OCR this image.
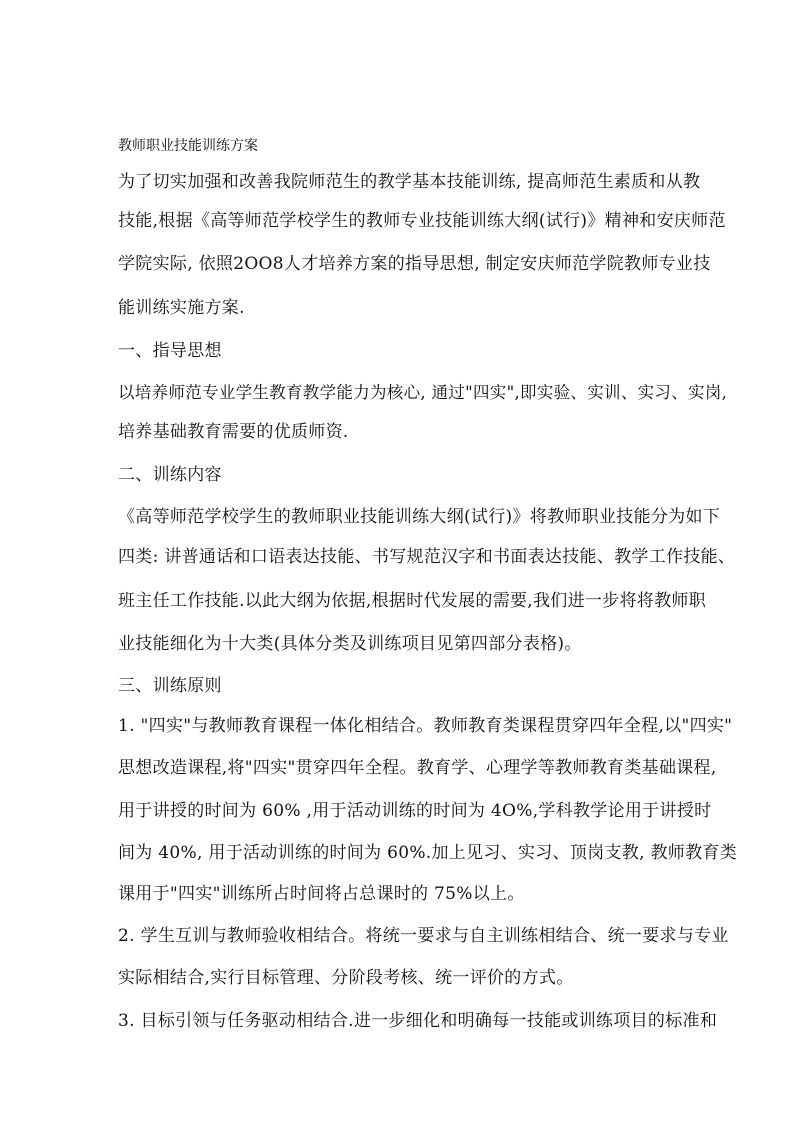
教师职业技能训练方案
为了切实加强和改善我院师范生的教学基本技能训练, 提高师范生素质和从教
技能,根据《高等师范学校学生的教师专业技能训练大纲(试行)》精神和安庆师范
学院实际, 依照2OO8人才培养方案的指导思想, 制定安庆师范学院教师专业技
能训练实施方案.
一、指导思想
以培养师范专业学生教育教学能力为核心, 通过"四实",即实验、实训、实习、实岗,
培养基础教育需要的优质师资.
二、训练内容
《高等师范学校学生的教师职业技能训练大纲(试行)》将教师职业技能分为如下
四类: 讲普通话和口语表达技能、书写规范汉字和书面表达技能、教学工作技能、
班主任工作技能.以此大纲为依据,根据时代发展的需要,我们进一步将将教师职
业技能细化为十大类(具体分类及训练项目见第四部分表格)。
三、训练原则
1. "四实"与教师教育课程一体化相结合。教师教育类课程贯穿四年全程,以"四实"
思想改造课程,将"四实"贯穿四年全程。教育学、心理学等教师教育类基础课程,
用于讲授的时间为 60% ,用于活动训练的时间为 4O%,学科教学论用于讲授时
间为 40%, 用于活动训练的时间为 60%.加上见习、实习、顶岗支教, 教师教育类
课用于"四实"训练所占时间将占总课时的 75%以上。
2. 学生互训与教师验收相结合。将统一要求与自主训练相结合、统一要求与专业
实际相结合,实行目标管理、分阶段考核、统一评价的方式。
3. 目标引领与任务驱动相结合.进一步细化和明确每一技能或训练项目的标准和
